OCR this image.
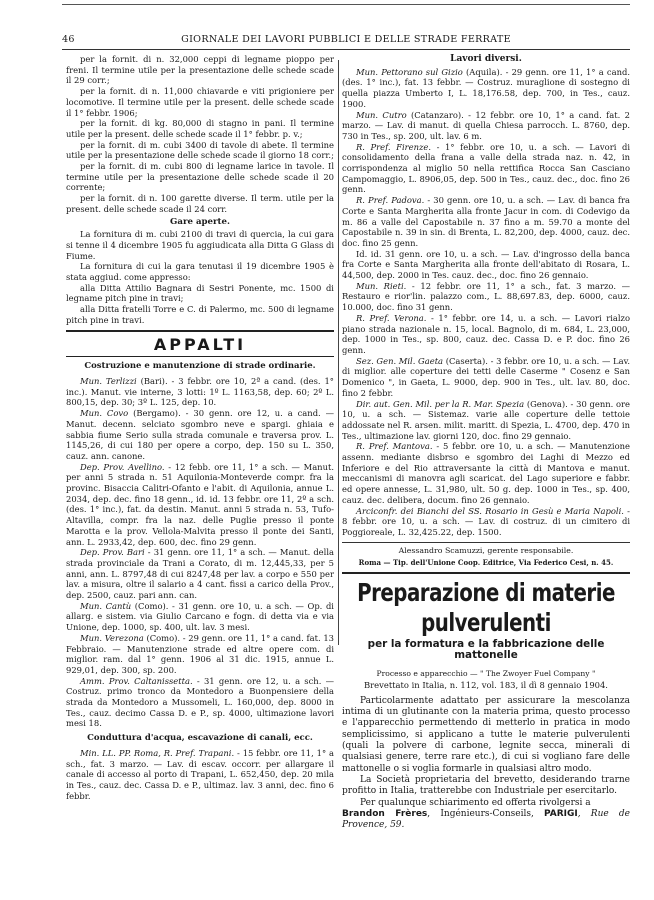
46	GIORNALE DEI LAVORI PUBBLICI E DELLE STRADE FERRATE

per la fornit. di n. 32,000 ceppi di legname pioppo per freni. Il termine utile per la presentazione delle schede scade il 29 corr.;

per la fornit. di n. 11,000 chiavarde e viti prigioniere per locomotive. Il termine utile per la present. delle schede scade il 1° febbr. 1906;

per la fornit. di kg. 80,000 di stagno in pani. Il termine utile per la present. delle schede scade il 1° febbr. p. v.;

per la fornit. di m. cubi 3400 di tavole di abete. Il termine utile per la presentazione delle schede scade il giorno 18 corr.;

per la fornit. di m. cubi 800 di legname larice in tavole. Il termine utile per la presentazione delle schede scade il 20 corrente;

per la fornit. di n. 100 garette diverse. Il term. utile per la present. delle schede scade il 24 corr.

Gare aperte.

La fornitura di m. cubi 2100 di travi di quercia, la cui gara si tenne il 4 dicembre 1905 fu aggiudicata alla Ditta G Glass di Fiume.

La fornitura di cui la gara tenutasi il 19 dicembre 1905 è stata aggiud. come appresso:

alla Ditta Attilio Bagnara di Sestri Ponente, mc. 1500 di legname pitch pine in travi;

alla Ditta fratelli Torre e C. di Palermo, mc. 500 di legname pitch pine in travi.

APPALTI
Costruzione e manutenzione di strade ordinarie.

Mun. Terlizzi (Bari). - 3 febbr. ore 10, 2ª a cand. (des. 1° inc.). Manut. vie interne, 3 lotti: 1º L. 1163,58, dep. 60; 2º L. 800,15, dep. 30; 3º L. 125, dep. 10.

Mun. Covo (Bergamo). - 30 genn. ore 12, u. a cand. — Manut. decenn. selciato sgombro neve e spargi. ghiaia e sabbia fiume Serio sulla strada comunale e traversa prov. L. 1145,26, di cui 180 per opere a corpo, dep. 150 su L. 350, cauz. ann. canone.

Dep. Prov. Avellino. - 12 febb. ore 11, 1° a sch. — Manut. per anni 5 strada n. 51 Aquilonia-Monteverde compr. fra la provinc. Bisaccia Calitri-Ofanto e l'abit. di Aquilonia, annue L. 2034, dep. dec. fino 18 genn., id. id. 13 febbr. ore 11, 2º a sch. (des. 1° inc.), fat. da destin. Manut. anni 5 strada n. 53, Tufo-Altavilla, compr. fra la naz. delle Puglie presso il ponte Marotta e la prov. Vellola-Malvita presso il ponte dei Santi, ann. L. 2933,42, dep. 600, dec. fino 29 genn.

Dep. Prov. Bari - 31 genn. ore 11, 1° a sch. — Manut. della strada provinciale da Trani a Corato, di m. 12,445,33, per 5 anni, ann. L. 8797,48 di cui 8247,48 per lav. a corpo e 550 per lav. a misura, oltre il salario a 4 cant. fissi a carico della Prov., dep. 2500, cauz. pari ann. can.

Mun. Cantù (Como). - 31 genn. ore 10, u. a sch. — Op. di allarg. e sistem. via Giulio Carcano e fogn. di detta via e via Unione, dep. 1000, sp. 400, ult. lav. 3 mesi.

Mun. Verezona (Como). - 29 genn. ore 11, 1° a cand. fat. 13 Febbraio. — Manutenzione strade ed altre opere com. di miglior. ram. dal 1° genn. 1906 al 31 dic. 1915, annue L. 929,01, dep. 300, sp. 200.

Amm. Prov. Caltanissetta. - 31 genn. ore 12, u. a sch. — Costruz. primo tronco da Montedoro a Buonpensiere della strada da Montedoro a Mussomeli, L. 160,000, dep. 8000 in Tes., cauz. decimo Cassa D. e P., sp. 4000, ultimazione lavori mesi 18.

Conduttura d'acqua, escavazione di canali, ecc.

Min. LL. PP. Roma, R. Pref. Trapani. - 15 febbr. ore 11, 1° a sch., fat. 3 marzo. — Lav. di escav. occorr. per allargare il canale di accesso al porto di Trapani, L. 652,450, dep. 20 mila in Tes., cauz. dec. Cassa D. e P., ultimaz. lav. 3 anni, dec. fino 6 febbr.

Lavori diversi.

Mun. Pettorano sul Gizio (Aquila). - 29 genn. ore 11, 1° a cand. (des. 1° inc.), fat. 13 febbr. — Costruz. muraglione di sostegno di quella piazza Umberto I, L. 18,176.58, dep. 700, in Tes., cauz. 1900.

Mun. Cutro (Catanzaro). - 12 febbr. ore 10, 1° a cand. fat. 2 marzo. — Lav. di manut. di quella Chiesa parrocch. L. 8760, dep. 730 in Tes., sp. 200, ult. lav. 6 m.

R. Pref. Firenze. - 1° febbr. ore 10, u. a sch. — Lavori di consolidamento della frana a valle della strada naz. n. 42, in corrispondenza al miglio 50 nella rettifica Rocca San Casciano Campomaggio, L. 8906,05, dep. 500 in Tes., cauz. dec., doc. fino 26 genn.

R. Pref. Padova. - 30 genn. ore 10, u. a sch. — Lav. di banca fra Corte e Santa Margherita alla fronte Jacur in com. di Codevigo da m. 86 a valle del Capostabile n. 37 fino a m. 59.70 a monte del Capostabile n. 39 in sin. di Brenta, L. 82,200, dep. 4000, cauz. dec. doc. fino 25 genn.

Id. id. 31 genn. ore 10, u. a sch. — Lav. d'ingrosso della banca fra Corte e Santa Margherita alla fronte dell'abitato di Rosara, L. 44,500, dep. 2000 in Tes. cauz. dec., doc. fino 26 gennaio.

Mun. Rieti. - 12 febbr. ore 11, 1° a sch., fat. 3 marzo. — Restauro e rior'lin. palazzo com., L. 88,697.83, dep. 6000, cauz. 10.000, doc. fino 31 genn.

R. Pref. Verona. - 1° febbr. ore 14, u. a sch. — Lavori rialzo piano strada nazionale n. 15, local. Bagnolo, di m. 684, L. 23,000, dep. 1000 in Tes., sp. 800, cauz. dec. Cassa D. e P. doc. fino 26 genn.

Sez. Gen. Mil. Gaeta (Caserta). - 3 febbr. ore 10, u. a sch. — Lav. di miglior. alle coperture dei tetti delle Caserme " Cosenz e San Domenico ", in Gaeta, L. 9000, dep. 900 in Tes., ult. lav. 80, doc. fino 2 febbr.

Dir. aut. Gen. Mil. per la R. Mar. Spezia (Genova). - 30 genn. ore 10, u. a sch. — Sistemaz. varie alle coperture delle tettoie addossate nel R. arsen. milit. maritt. di Spezia, L. 4700, dep. 470 in Tes., ultimazione lav. giorni 120, doc. fino 29 gennaio.

R. Pref. Mantova. - 5 febbr. ore 10, u. a sch. — Manutenzione assenn. mediante disbrso e sgombro dei Laghi di Mezzo ed Inferiore e del Rio attraversante la città di Mantova e manut. meccanismi di manovra agli scaricat. del Lago superiore e fabbr. ed opere annesse, L. 31,980, ult. 50 g. dep. 1000 in Tes., sp. 400, cauz. dec. delibera, docum. fino 26 gennaio.

Arciconfr. dei Bianchi del SS. Rosario in Gesù e Maria Napoli. - 8 febbr. ore 10, u. a sch. — Lav. di costruz. di un cimitero di Poggioreale, L. 32,425.22, dep. 1500.

Alessandro Scamuzzi, gerente responsabile.
Roma — Tip. dell'Unione Coop. Editrice, Via Federico Cesi, n. 45.
Preparazione di materie pulverulenti
per la formatura e la fabbricazione delle mattonelle
Processo e apparecchio — " The Zwoyer Fuel Company "
Brevettato in Italia, n. 112, vol. 183, il dì 8 gennaio 1904.

Particolarmente adattato per assicurare la mescolanza intima di un glutinante con la materia prima, questo processo e l'apparecchio permettendo di metterlo in pratica in modo semplicissimo, si applicano a tutte le materie pulverulenti (quali la polvere di carbone, legnite secca, minerali di qualsiasi genere, terre rare etc.), di cui si vogliano fare delle mattonelle o si voglia formarle in qualsiasi altro modo.

La Società proprietaria del brevetto, desiderando trarne profitto in Italia, tratterebbe con Industriale per esercitarlo.

Per qualunque schiarimento ed offerta rivolgersi a

Brandon Frères, Ingénieurs-Conseils, PARIGI, Rue de Provence, 59.
